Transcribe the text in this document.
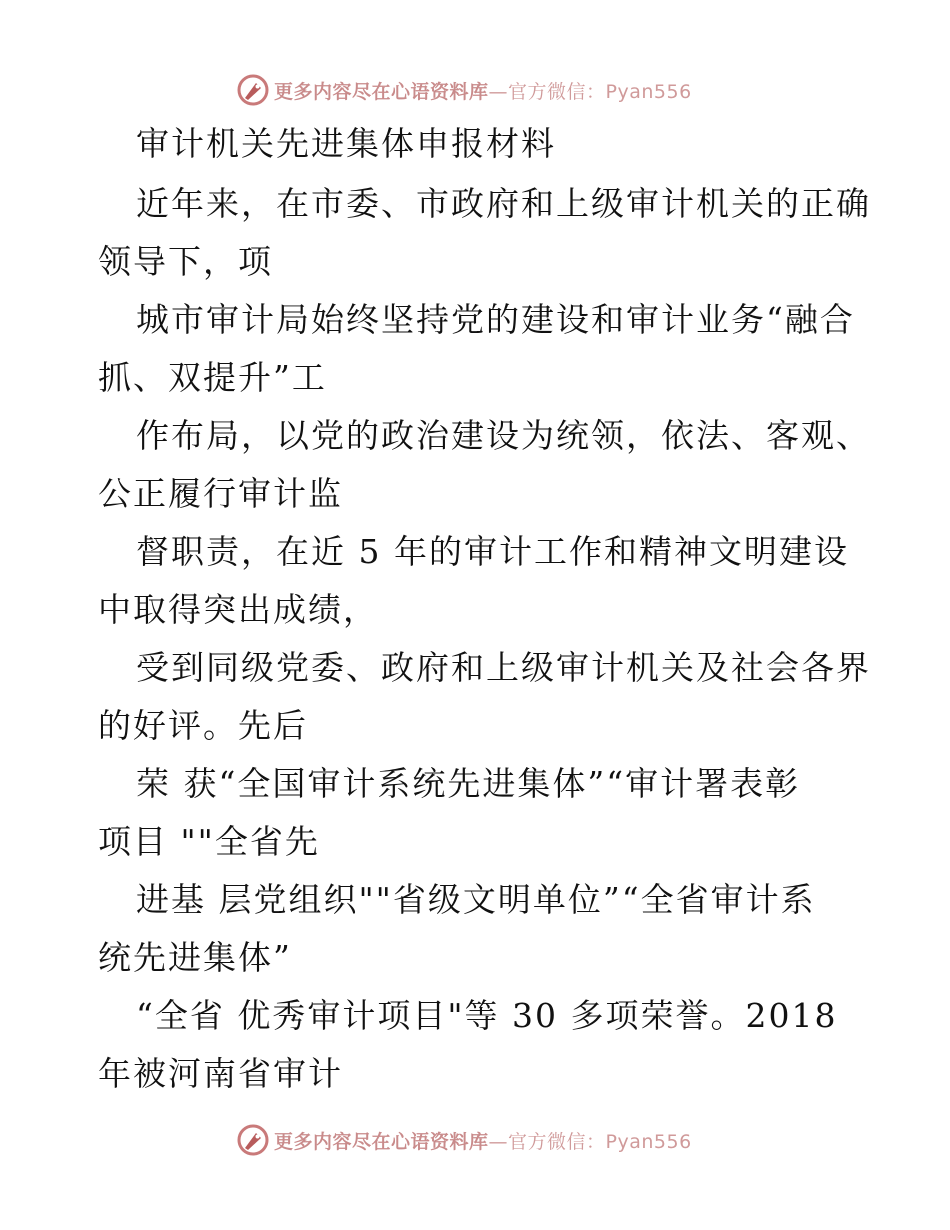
更多内容尽在心语资料库—官方微信：Pyan556
审计机关先进集体申报材料
近年来，在市委、市政府和上级审计机关的正确
领导下，项
城市审计局始终坚持党的建设和审计业务“融合
抓、双提升”工
作布局，以党的政治建设为统领，依法、客观、
公正履行审计监
督职责，在近 5 年的审计工作和精神文明建设
中取得突出成绩，
受到同级党委、政府和上级审计机关及社会各界
的好评。先后
荣 获“全国审计系统先进集体”“审计署表彰
项目 ""全省先
进基 层党组织""省级文明单位”“全省审计系
统先进集体”
“全省 优秀审计项目"等 30 多项荣誉。2018
年被河南省审计
更多内容尽在心语资料库—官方微信：Pyan556
